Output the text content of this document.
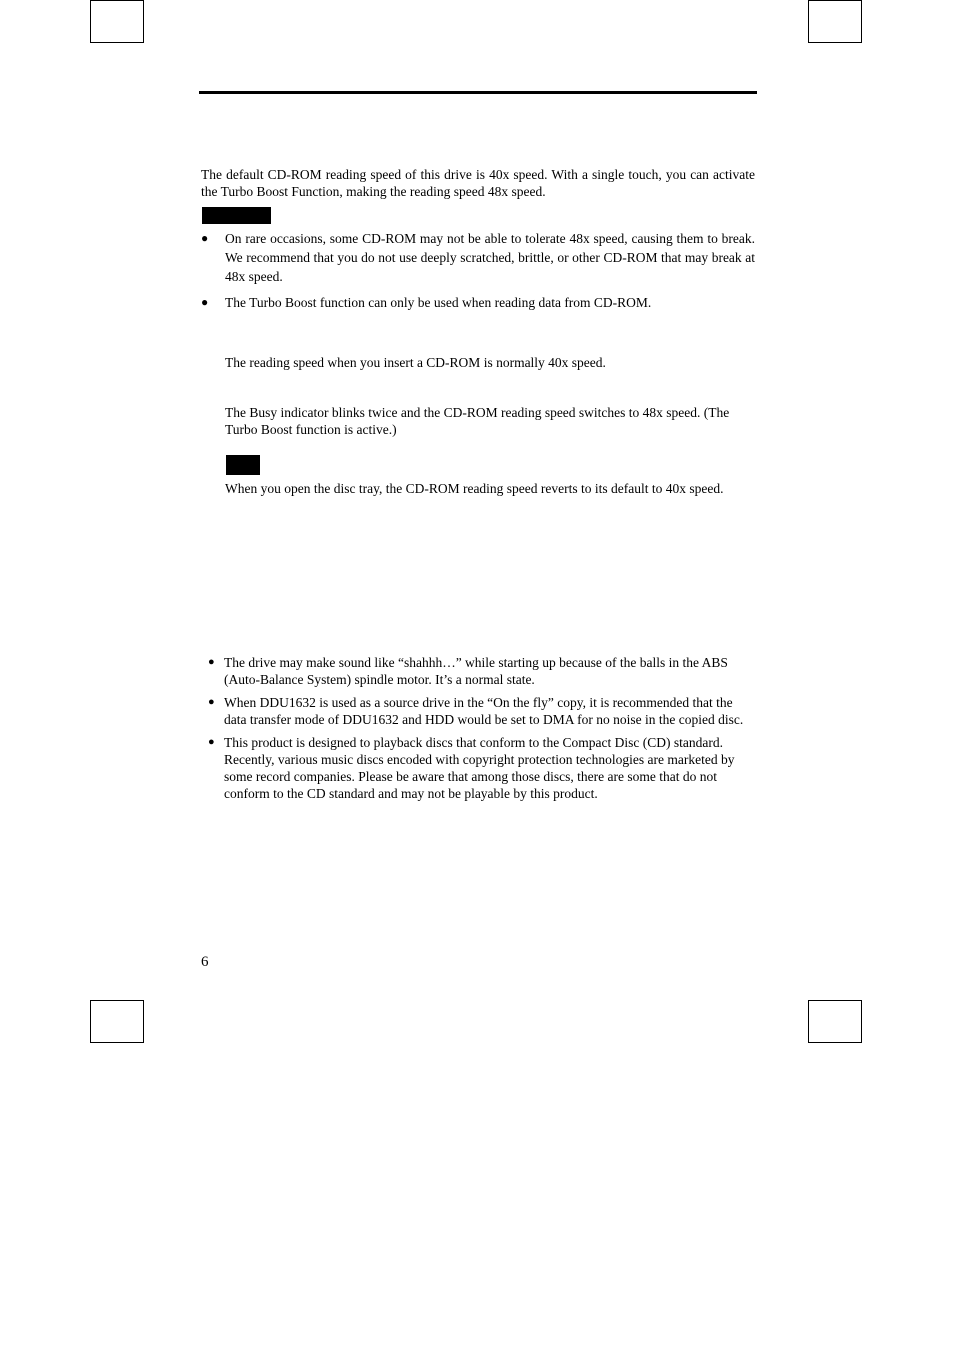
The default CD-ROM reading speed of this drive is 40x speed. With a single touch, you can activate the Turbo Boost Function, making the reading speed 48x speed.

● On rare occasions, some CD-ROM may not be able to tolerate 48x speed, causing them to break. We recommend that you do not use deeply scratched, brittle, or other CD-ROM that may break at 48x speed.
● The Turbo Boost function can only be used when reading data from CD-ROM.

The reading speed when you insert a CD-ROM is normally 40x speed.

The Busy indicator blinks twice and the CD-ROM reading speed switches to 48x speed. (The Turbo Boost function is active.)

When you open the disc tray, the CD-ROM reading speed reverts to its default to 40x speed.

● The drive may make sound like “shahhh…” while starting up because of the balls in the ABS (Auto-Balance System) spindle motor. It’s a normal state.
● When DDU1632 is used as a source drive in the “On the fly” copy, it is recommended that the data transfer mode of DDU1632 and HDD would be set to DMA for no noise in the copied disc.
● This product is designed to playback discs that conform to the Compact Disc (CD) standard. Recently, various music discs encoded with copyright protection technologies are marketed by some record companies. Please be aware that among those discs, there are some that do not conform to the CD standard and may not be playable by this product.
6
